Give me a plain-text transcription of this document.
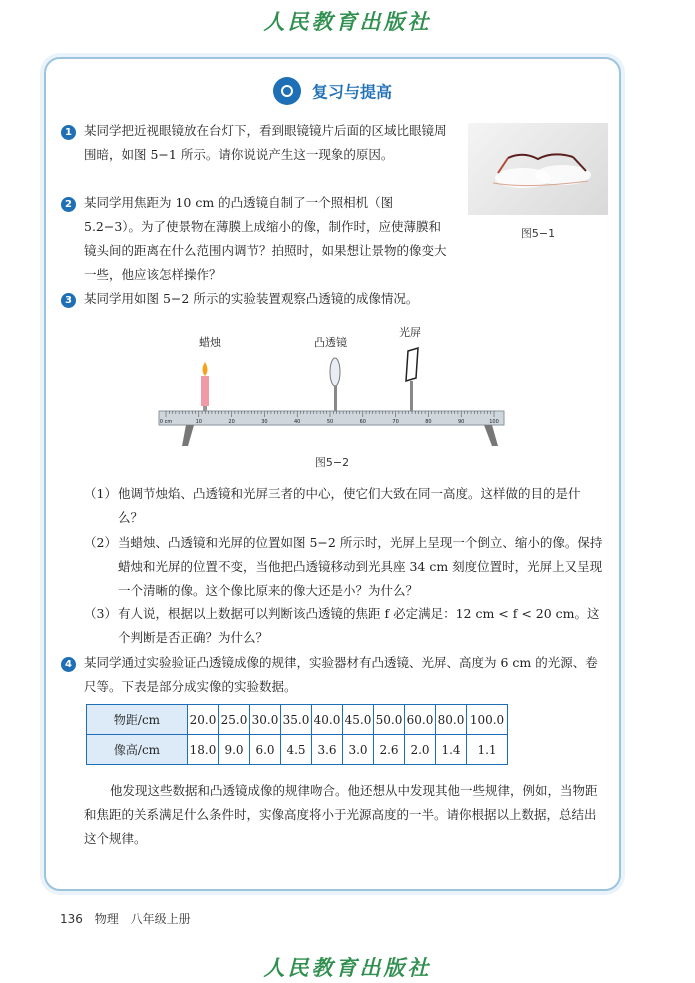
人民教育出版社
复习与提高
1 某同学把近视眼镜放在台灯下，看到眼镜镜片后面的区域比眼镜周围暗，如图 5−1 所示。请你说说产生这一现象的原因。
图5−1
2 某同学用焦距为 10 cm 的凸透镜自制了一个照相机（图 5.2−3）。为了使景物在薄膜上成缩小的像，制作时，应使薄膜和镜头间的距离在什么范围内调节？拍照时，如果想让景物的像变大一些，他应该怎样操作？
3 某同学用如图 5−2 所示的实验装置观察凸透镜的成像情况。
蜡烛	凸透镜
光屏
0 cm	10	20	30	40	50	60	70	80	90	100
图5−2
（1） 他调节烛焰、凸透镜和光屏三者的中心，使它们大致在同一高度。这样做的目的是什么？
（2） 当蜡烛、凸透镜和光屏的位置如图 5−2 所示时，光屏上呈现一个倒立、缩小的像。保持蜡烛和光屏的位置不变，当他把凸透镜移动到光具座 34 cm 刻度位置时，光屏上又呈现一个清晰的像。这个像比原来的像大还是小？为什么？
（3） 有人说，根据以上数据可以判断该凸透镜的焦距 f 必定满足：12 cm < f < 20 cm。这个判断是否正确？为什么？
4 某同学通过实验验证凸透镜成像的规律，实验器材有凸透镜、光屏、高度为 6 cm 的光源、卷尺等。下表是部分成实像的实验数据。
物距/cm	20.0	25.0	30.0	35.0	40.0	45.0	50.0	60.0	80.0	100.0
像高/cm	18.0	9.0	6.0	4.5	3.6	3.0	2.6	2.0	1.4	1.1
他发现这些数据和凸透镜成像的规律吻合。他还想从中发现其他一些规律，例如，当物距和焦距的关系满足什么条件时，实像高度将小于光源高度的一半。请你根据以上数据，总结出这个规律。
136 物理 八年级上册
人民教育出版社
